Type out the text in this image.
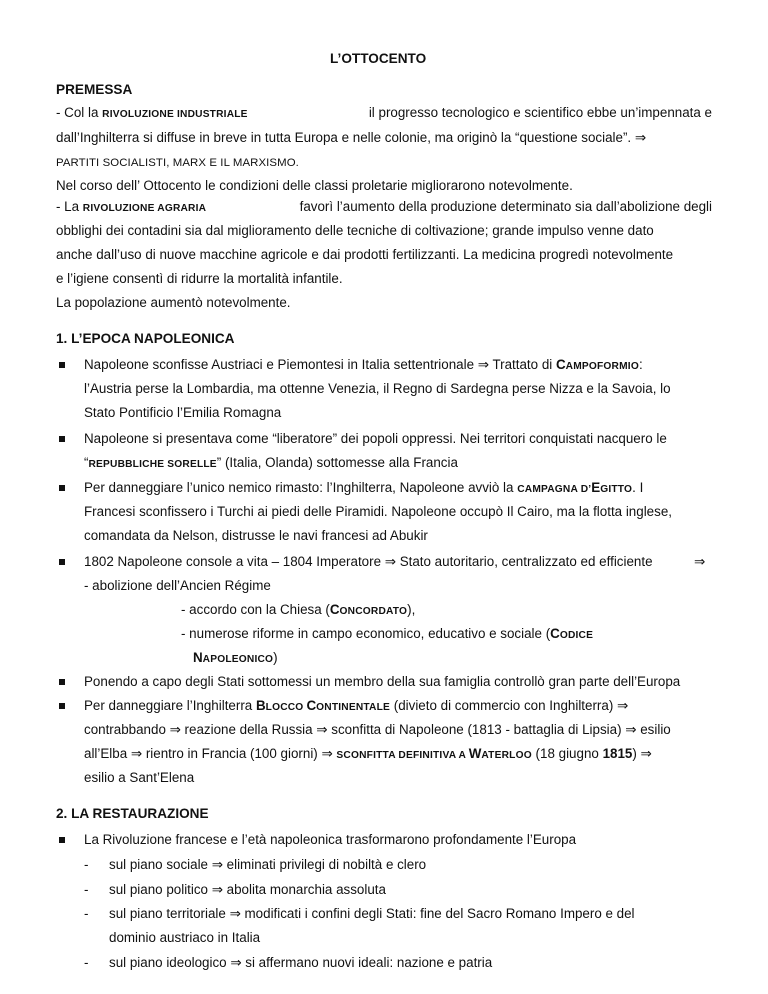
L’OTTOCENTO
PREMESSA
- Col la RIVOLUZIONE INDUSTRIALE	il progresso tecnologico e scientifico ebbe un’impennata e
dall’Inghilterra si diffuse in breve in tutta Europa e nelle colonie, ma originò la “questione sociale”. ⇒
PARTITI SOCIALISTI, MARX E IL MARXISMO.
Nel corso dell’ Ottocento le condizioni delle classi proletarie migliorarono notevolmente.
- La RIVOLUZIONE AGRARIA	favorì l’aumento della produzione determinato sia dall’abolizione degli
obblighi dei contadini sia dal miglioramento delle tecniche di coltivazione; grande impulso venne dato
anche dall’uso di nuove macchine agricole e dai prodotti fertilizzanti. La medicina progredì notevolmente
e l’igiene consentì di ridurre la mortalità infantile.
La popolazione aumentò notevolmente.
1. L’EPOCA NAPOLEONICA
Napoleone sconfisse Austriaci e Piemontesi in Italia settentrionale ⇒ Trattato di CAMPOFORMIO:
l’Austria perse la Lombardia, ma ottenne Venezia, il Regno di Sardegna perse Nizza e la Savoia, lo
Stato Pontificio l’Emilia Romagna
Napoleone si presentava come “liberatore” dei popoli oppressi. Nei territori conquistati nacquero le
“REPUBBLICHE SORELLE” (Italia, Olanda) sottomesse alla Francia
Per danneggiare l’unico nemico rimasto: l’Inghilterra, Napoleone avviò la CAMPAGNA D’EGITTO. I
Francesi sconfissero i Turchi ai piedi delle Piramidi. Napoleone occupò Il Cairo, ma la flotta inglese,
comandata da Nelson, distrusse le navi francesi ad Abukir
1802 Napoleone console a vita – 1804 Imperatore ⇒ Stato autoritario, centralizzato ed efficiente	⇒
- abolizione dell’Ancien Régime
- accordo con la Chiesa (CONCORDATO),
- numerose riforme in campo economico, educativo e sociale (CODICE
NAPOLEONICO)
Ponendo a capo degli Stati sottomessi un membro della sua famiglia controllò gran parte dell’Europa
Per danneggiare l’Inghilterra BLOCCO CONTINENTALE (divieto di commercio con Inghilterra) ⇒
contrabbando ⇒ reazione della Russia ⇒ sconfitta di Napoleone (1813 - battaglia di Lipsia) ⇒ esilio
all’Elba ⇒ rientro in Francia (100 giorni) ⇒ SCONFITTA DEFINITIVA A WATERLOO (18 giugno 1815) ⇒
esilio a Sant’Elena
2. LA RESTAURAZIONE
La Rivoluzione francese e l’età napoleonica trasformarono profondamente l’Europa
- sul piano sociale ⇒ eliminati privilegi di nobiltà e clero
- sul piano politico ⇒ abolita monarchia assoluta
- sul piano territoriale ⇒ modificati i confini degli Stati: fine del Sacro Romano Impero e del
dominio austriaco in Italia
- sul piano ideologico ⇒ si affermano nuovi ideali: nazione e patria
